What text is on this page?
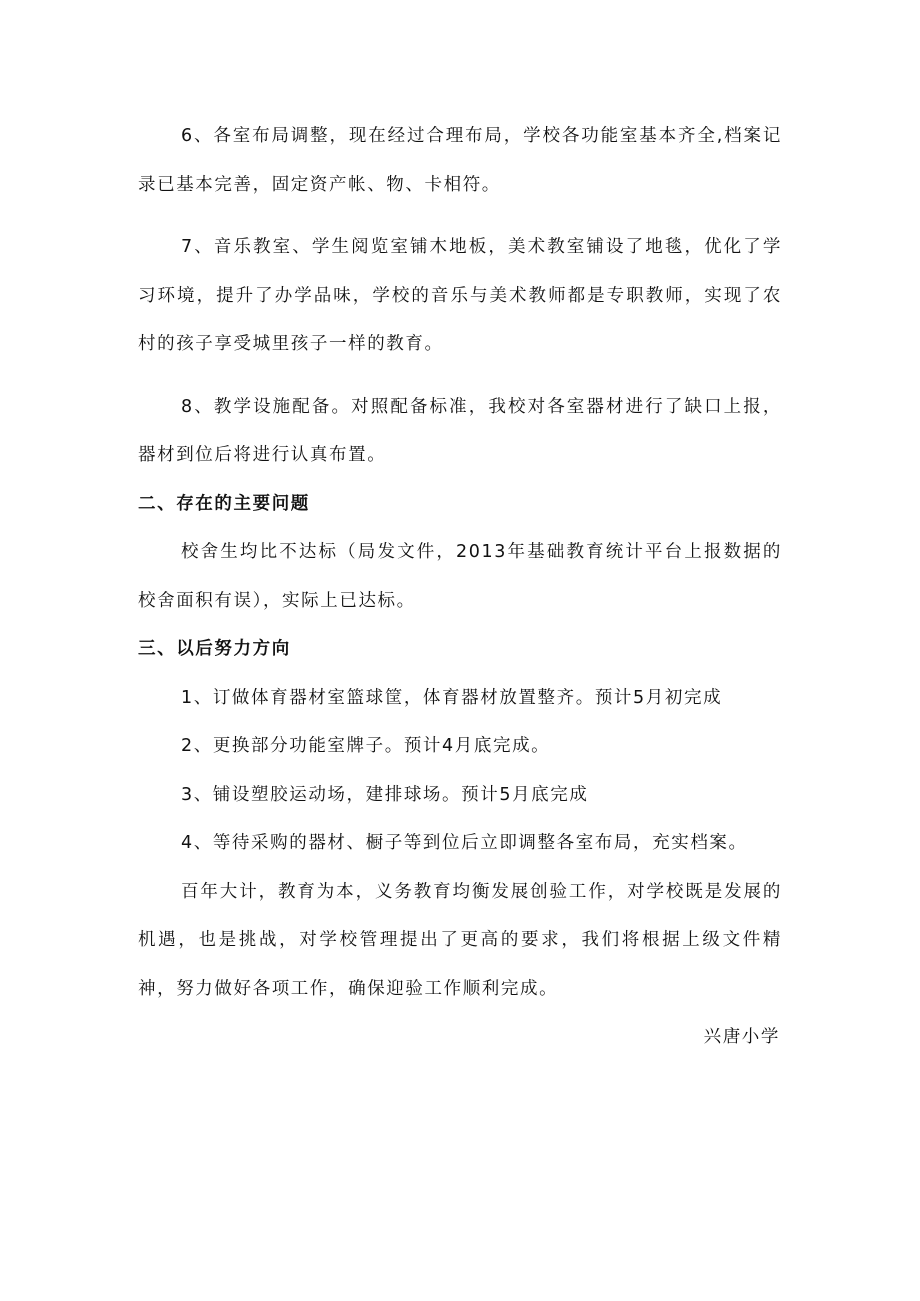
6、各室布局调整，现在经过合理布局，学校各功能室基本齐全,档案记录已基本完善，固定资产帐、物、卡相符。

7、音乐教室、学生阅览室铺木地板，美术教室铺设了地毯，优化了学习环境，提升了办学品味，学校的音乐与美术教师都是专职教师，实现了农村的孩子享受城里孩子一样的教育。

8、教学设施配备。对照配备标准，我校对各室器材进行了缺口上报，器材到位后将进行认真布置。

二、存在的主要问题

校舍生均比不达标（局发文件，2013年基础教育统计平台上报数据的校舍面积有误），实际上已达标。

三、以后努力方向

1、订做体育器材室篮球筐，体育器材放置整齐。预计5月初完成

2、更换部分功能室牌子。预计4月底完成。

3、铺设塑胶运动场，建排球场。预计5月底完成

4、等待采购的器材、橱子等到位后立即调整各室布局，充实档案。

百年大计，教育为本，义务教育均衡发展创验工作，对学校既是发展的机遇，也是挑战，对学校管理提出了更高的要求，我们将根据上级文件精神，努力做好各项工作，确保迎验工作顺利完成。

兴唐小学
